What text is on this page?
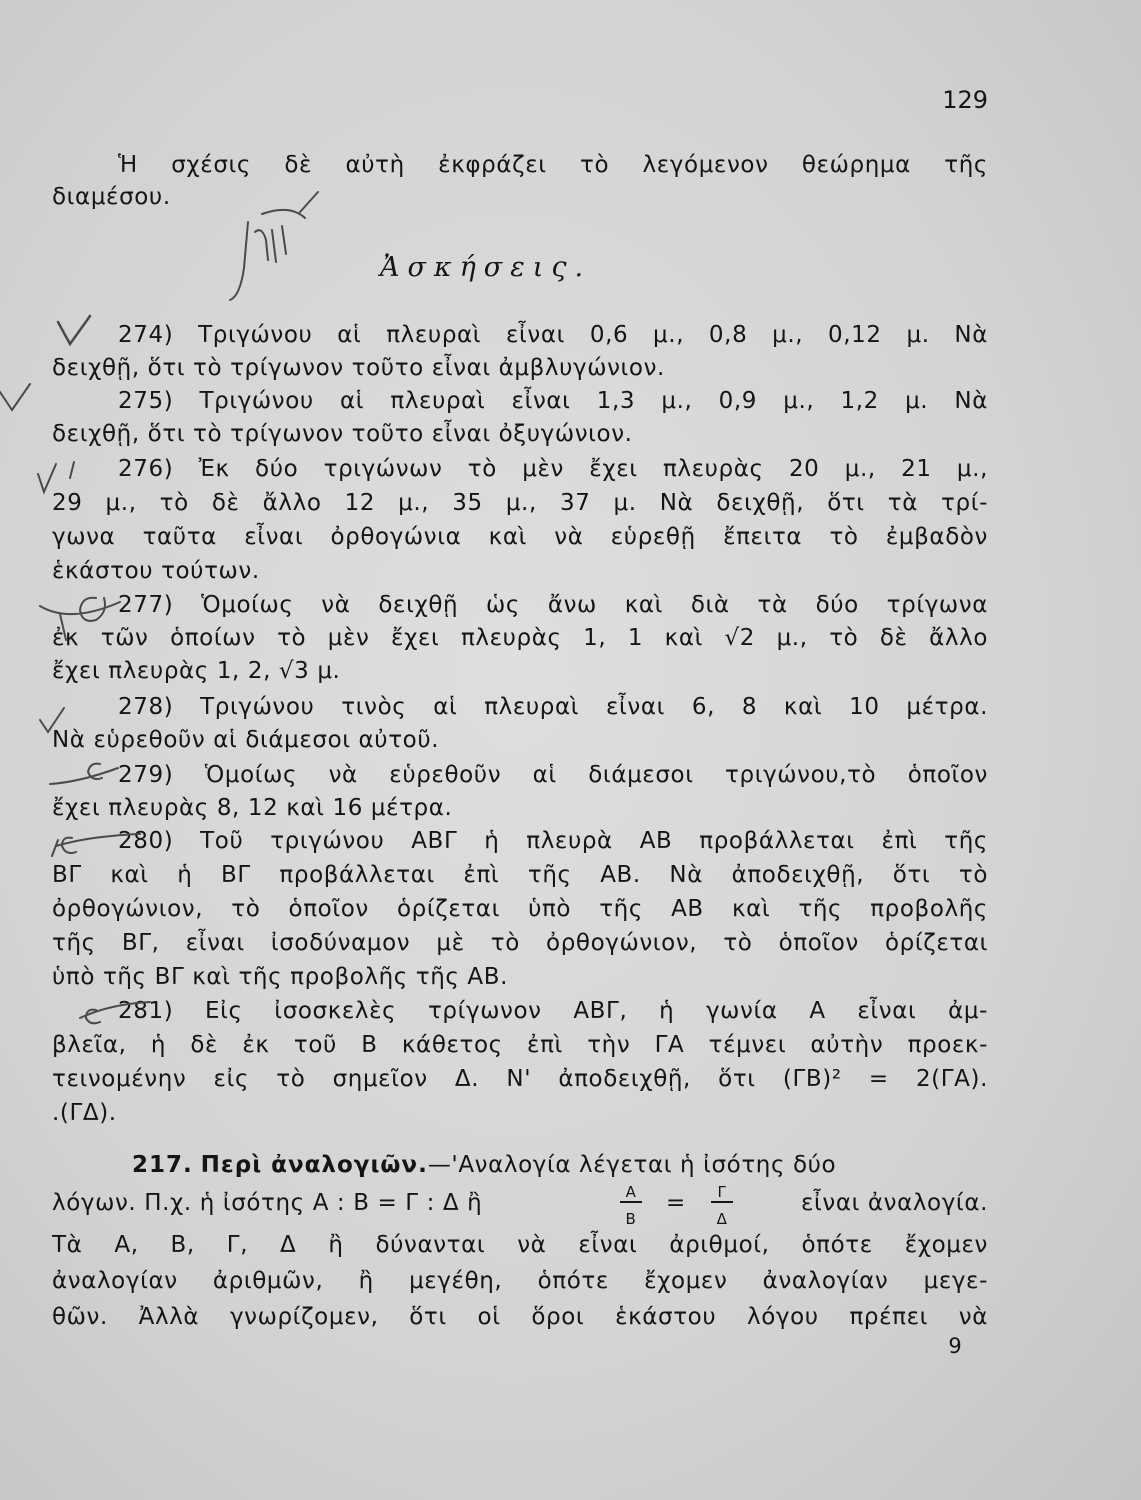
129
Ἡ σχέσις δὲ αὐτὴ ἐκφράζει τὸ λεγόμενον θεώρημα τῆς
διαμέσου.
Ἀσκήσεις.
274) Τριγώνου αἱ πλευραὶ εἶναι 0,6 μ., 0,8 μ., 0,12 μ. Νὰ
δειχθῇ, ὅτι τὸ τρίγωνον τοῦτο εἶναι ἀμβλυγώνιον.
275) Τριγώνου αἱ πλευραὶ εἶναι 1,3 μ., 0,9 μ., 1,2 μ. Νὰ
δειχθῇ, ὅτι τὸ τρίγωνον τοῦτο εἶναι ὀξυγώνιον.
276) Ἐκ δύο τριγώνων τὸ μὲν ἔχει πλευρὰς 20 μ., 21 μ.,
29 μ., τὸ δὲ ἄλλο 12 μ., 35 μ., 37 μ. Νὰ δειχθῇ, ὅτι τὰ τρί-
γωνα ταῦτα εἶναι ὀρθογώνια καὶ νὰ εὑρεθῇ ἔπειτα τὸ ἐμβαδὸν
ἑκάστου τούτων.
277) Ὁμοίως νὰ δειχθῇ ὡς ἄνω καὶ διὰ τὰ δύο τρίγωνα
ἐκ τῶν ὁποίων τὸ μὲν ἔχει πλευρὰς 1, 1 καὶ √2 μ., τὸ δὲ ἄλλο
ἔχει πλευρὰς 1, 2, √3 μ.
278) Τριγώνου τινὸς αἱ πλευραὶ εἶναι 6, 8 καὶ 10 μέτρα.
Νὰ εὑρεθοῦν αἱ διάμεσοι αὐτοῦ.
279) Ὁμοίως νὰ εὑρεθοῦν αἱ διάμεσοι τριγώνου,τὸ ὁποῖον
ἔχει πλευρὰς 8, 12 καὶ 16 μέτρα.
280) Τοῦ τριγώνου ΑΒΓ ἡ πλευρὰ ΑΒ προβάλλεται ἐπὶ τῆς
ΒΓ καὶ ἡ ΒΓ προβάλλεται ἐπὶ τῆς ΑΒ. Νὰ ἀποδειχθῇ, ὅτι τὸ
ὀρθογώνιον, τὸ ὁποῖον ὁρίζεται ὑπὸ τῆς ΑΒ καὶ τῆς προβολῆς
τῆς ΒΓ, εἶναι ἰσοδύναμον μὲ τὸ ὀρθογώνιον, τὸ ὁποῖον ὁρίζεται
ὑπὸ τῆς ΒΓ καὶ τῆς προβολῆς τῆς ΑΒ.
281) Εἰς ἰσοσκελὲς τρίγωνον ΑΒΓ, ἡ γωνία Α εἶναι ἀμ-
βλεῖα, ἡ δὲ ἐκ τοῦ Β κάθετος ἐπὶ τὴν ΓΑ τέμνει αὐτὴν προεκ-
τεινομένην εἰς τὸ σημεῖον Δ. Ν' ἀποδειχθῇ, ὅτι (ΓΒ)² = 2(ΓΑ).
.(ΓΔ).
217. Περὶ ἀναλογιῶν.—'Αναλογία λέγεται ἡ ἰσότης δύο
λόγων. Π.χ. ἡ ἰσότης Α : Β = Γ : Δ ἢ	Α
Β
=	Γ
Δ
εἶναι ἀναλογία.
Τὰ Α, Β, Γ, Δ ἢ δύνανται νὰ εἶναι ἀριθμοί, ὁπότε ἔχομεν
ἀναλογίαν ἀριθμῶν, ἢ μεγέθη, ὁπότε ἔχομεν ἀναλογίαν μεγε-
θῶν. Ἀλλὰ γνωρίζομεν, ὅτι οἱ ὅροι ἑκάστου λόγου πρέπει νὰ
9
